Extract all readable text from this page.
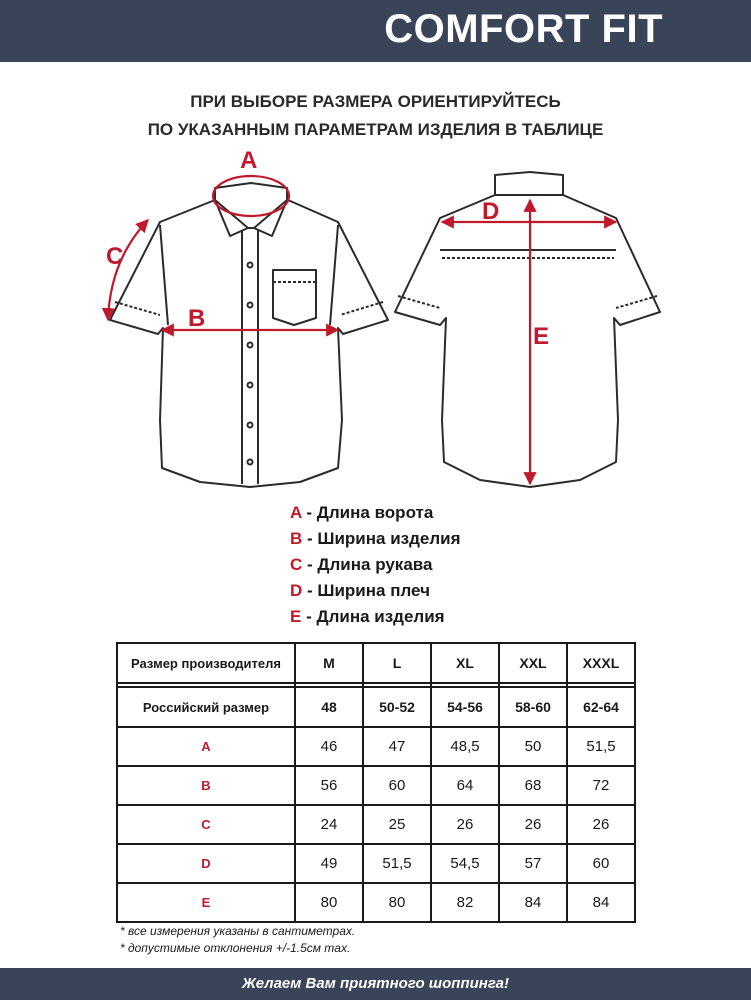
COMFORT FIT
ПРИ ВЫБОРЕ РАЗМЕРА ОРИЕНТИРУЙТЕСЬ
ПО УКАЗАННЫМ ПАРАМЕТРАМ ИЗДЕЛИЯ В ТАБЛИЦЕ
A
B
C
D
E
A - Длина ворота
B - Ширина изделия
C - Длина рукава
D - Ширина плеч
E - Длина изделия
Размер производителя	M	L	XL	XXL	XXXL

Российский размер	48	50-52	54-56	58-60	62-64
A	46	47	48,5	50	51,5
B	56	60	64	68	72
C	24	25	26	26	26
D	49	51,5	54,5	57	60
E	80	80	82	84	84
* все измерения указаны в сантиметрах.
* допустимые отклонения +/-1.5см max.
Желаем Вам приятного шоппинга!
